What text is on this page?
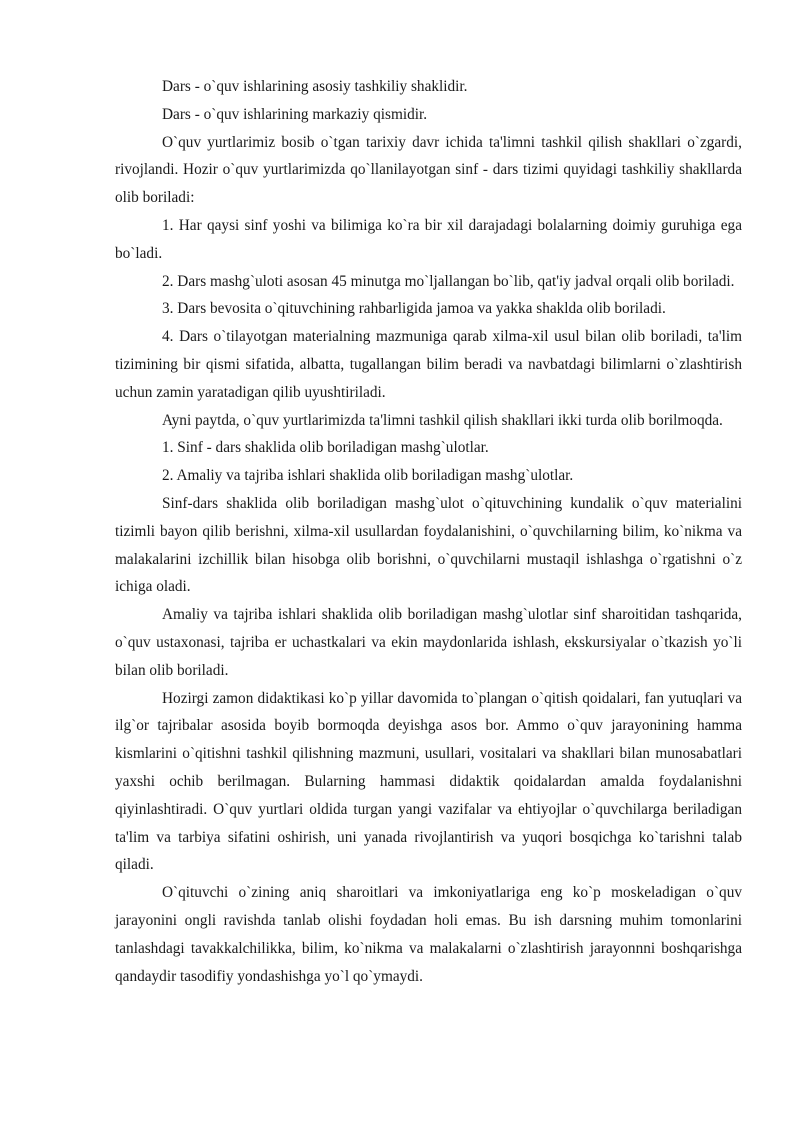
Dars - o`quv ishlarining asosiy tashkiliy shaklidir.

Dars - o`quv ishlarining markaziy qismidir.

O`quv yurtlarimiz bosib o`tgan tarixiy davr ichida ta'limni tashkil qilish shakllari o`zgardi, rivojlandi. Hozir o`quv yurtlarimizda qo`llanilayotgan sinf - dars tizimi quyidagi tashkiliy shakllarda olib boriladi:

1. Har qaysi sinf yoshi va bilimiga ko`ra bir xil darajadagi bolalarning doimiy guruhiga ega bo`ladi.

2. Dars mashg`uloti asosan 45 minutga mo`ljallangan bo`lib, qat'iy jadval orqali olib boriladi.

3. Dars bevosita o`qituvchining rahbarligida jamoa va yakka shaklda olib boriladi.

4. Dars o`tilayotgan materialning mazmuniga qarab xilma-xil usul bilan olib boriladi, ta'lim tizimining bir qismi sifatida, albatta, tugallangan bilim beradi va navbatdagi bilimlarni o`zlashtirish uchun zamin yaratadigan qilib uyushtiriladi.

Ayni paytda, o`quv yurtlarimizda ta'limni tashkil qilish shakllari ikki turda olib borilmoqda.

1. Sinf - dars shaklida olib boriladigan mashg`ulotlar.

2. Amaliy va tajriba ishlari shaklida olib boriladigan mashg`ulotlar.

Sinf-dars shaklida olib boriladigan mashg`ulot o`qituvchining kundalik o`quv materialini tizimli bayon qilib berishni, xilma-xil usullardan foydalanishini, o`quvchilarning bilim, ko`nikma va malakalarini izchillik bilan hisobga olib borishni, o`quvchilarni mustaqil ishlashga o`rgatishni o`z ichiga oladi.

Amaliy va tajriba ishlari shaklida olib boriladigan mashg`ulotlar sinf sharoitidan tashqarida, o`quv ustaxonasi, tajriba er uchastkalari va ekin maydonlarida ishlash, ekskursiyalar o`tkazish yo`li bilan olib boriladi.

Hozirgi zamon didaktikasi ko`p yillar davomida to`plangan o`qitish qoidalari, fan yutuqlari va ilg`or tajribalar asosida boyib bormoqda deyishga asos bor. Ammo o`quv jarayonining hamma kismlarini o`qitishni tashkil qilishning mazmuni, usullari, vositalari va shakllari bilan munosabatlari yaxshi ochib berilmagan. Bularning hammasi didaktik qoidalardan amalda foydalanishni qiyinlashtiradi. O`quv yurtlari oldida turgan yangi vazifalar va ehtiyojlar o`quvchilarga beriladigan ta'lim va tarbiya sifatini oshirish, uni yanada rivojlantirish va yuqori bosqichga ko`tarishni talab qiladi.

O`qituvchi o`zining aniq sharoitlari va imkoniyatlariga eng ko`p moskeladigan o`quv jarayonini ongli ravishda tanlab olishi foydadan holi emas. Bu ish darsning muhim tomonlarini tanlashdagi tavakkalchilikka, bilim, ko`nikma va malakalarni o`zlashtirish jarayonnni boshqarishga qandaydir tasodifiy yondashishga yo`l qo`ymaydi.
